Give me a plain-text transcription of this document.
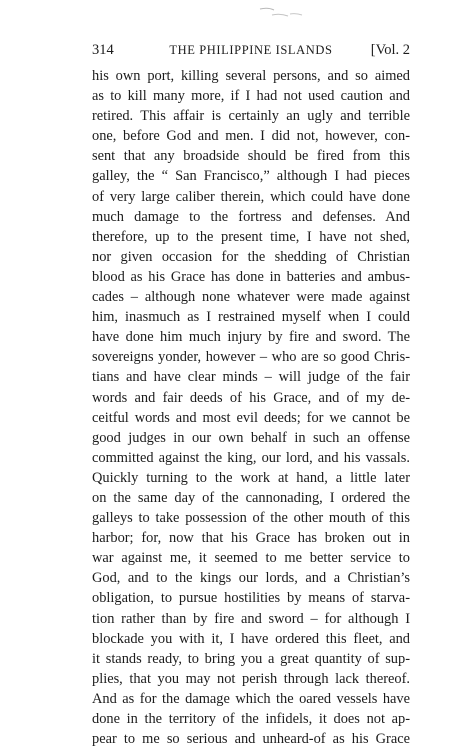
314	THE PHILIPPINE ISLANDS	[Vol. 2
his own port, killing several persons, and so aimed
as to kill many more, if I had not used caution and
retired. This affair is certainly an ugly and terrible
one, before God and men. I did not, however, con-
sent that any broadside should be fired from this
galley, the “ San Francisco,” although I had pieces
of very large caliber therein, which could have done
much damage to the fortress and defenses. And
therefore, up to the present time, I have not shed,
nor given occasion for the shedding of Christian
blood as his Grace has done in batteries and ambus-
cades – although none whatever were made against
him, inasmuch as I restrained myself when I could
have done him much injury by fire and sword. The
sovereigns yonder, however – who are so good Chris-
tians and have clear minds – will judge of the fair
words and fair deeds of his Grace, and of my de-
ceitful words and most evil deeds; for we cannot be
good judges in our own behalf in such an offense
committed against the king, our lord, and his vassals.
Quickly turning to the work at hand, a little later
on the same day of the cannonading, I ordered the
galleys to take possession of the other mouth of this
harbor; for, now that his Grace has broken out in
war against me, it seemed to me better service to
God, and to the kings our lords, and a Christian’s
obligation, to pursue hostilities by means of starva-
tion rather than by fire and sword – for although I
blockade you with it, I have ordered this fleet, and
it stands ready, to bring you a great quantity of sup-
plies, that you may not perish through lack thereof.
And as for the damage which the oared vessels have
done in the territory of the infidels, it does not ap-
pear to me so serious and unheard-of as his Grace
